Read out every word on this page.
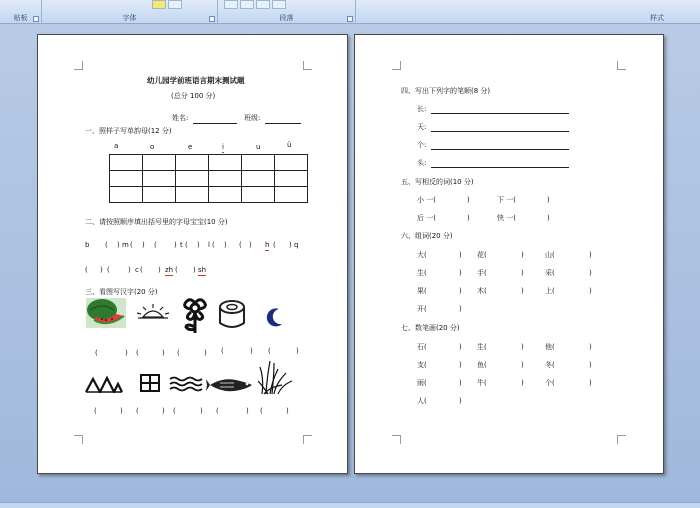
贴板	字体	段落	样式
幼儿园学前班语言期末测试题
(总分 100 分)
姓名:	班级:
一、照样子写单韵母(12 分)
a	o	e	i	u	ü

二、请按照顺序填出括号里的字母宝宝(10 分)
b ( ) m ( ) ( ) t ( ) l ( ) ( ) h ( ) q
( ) (	) c ( ) zh ( ) sh
三、看图写汉字(20 分)
(	) (	) (	) (	) (	)
(	) (	) (	) (	) (	)
四、写出下列字的笔顺(8 分)
长:
天:
个:
头:
五、写相反的词(10 分)
小 一(	)	下 一(	)
后 一(	)	快 一(	)
六、组词(20 分)
大(	) 花(	)	山(	)
生(	) 手(	)	采(	)
果(	) 木(	)	上(	)
开(	)
七、数笔画(20 分)
石(	) 生(	)	他(	)
支(	) 鱼(	)	冬(	)
雨(	) 牛(	)	个(	)
人(	)
